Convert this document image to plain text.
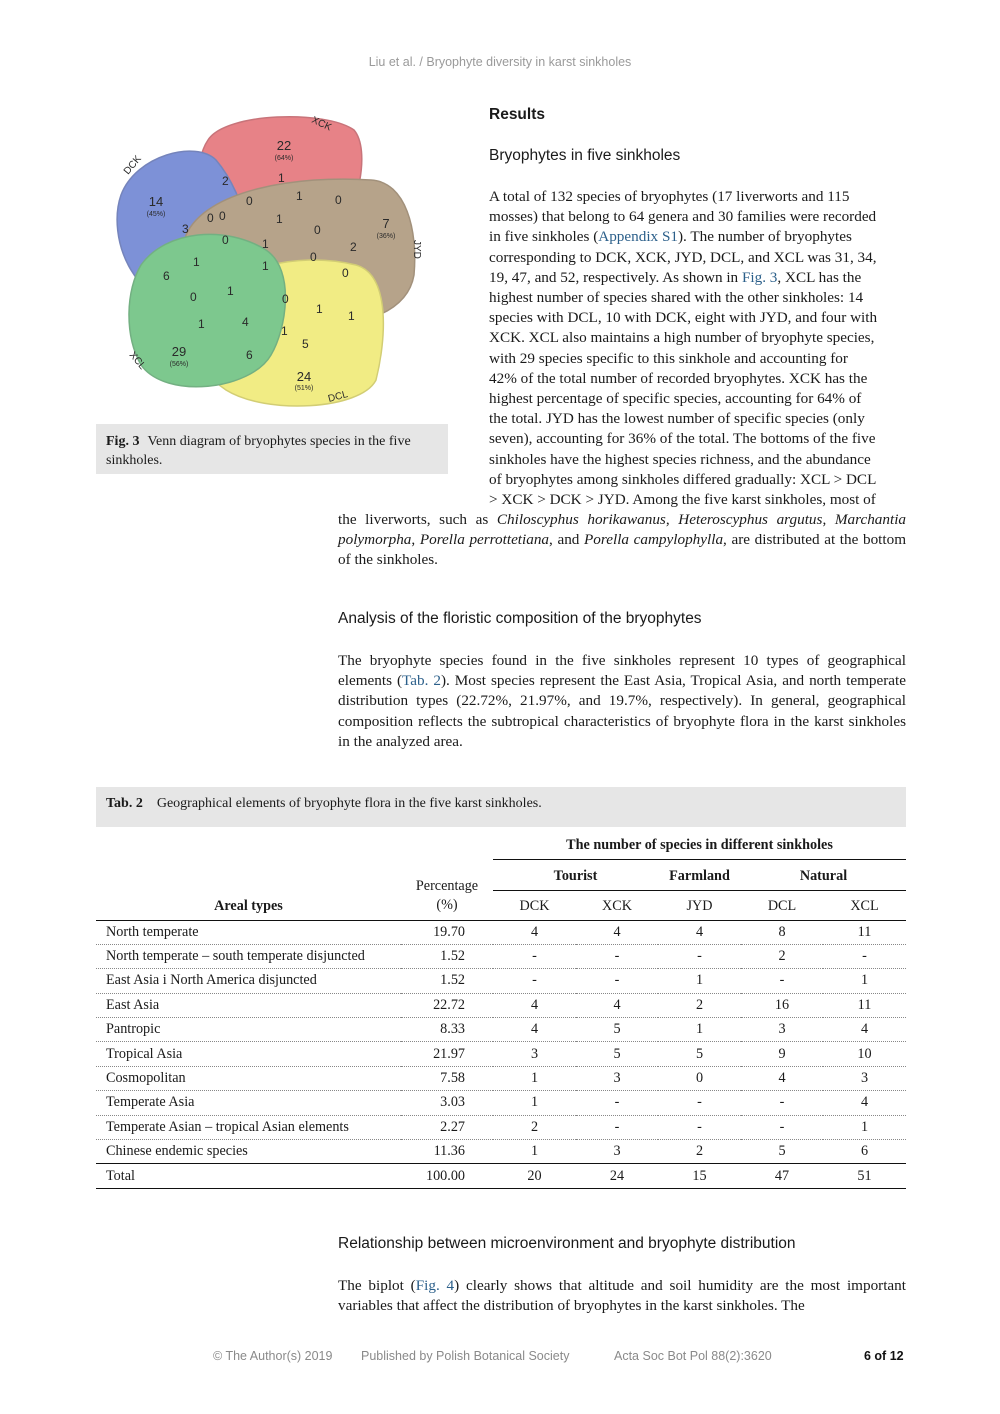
Liu et al. / Bryophyte diversity in karst sinkholes
DCK
XCK
JYD
DCL
XCL
22
(64%)
14
(45%)
7
(36%)
24
(51%)
29
(56%)
2	1
0	1	0
3
0	1
0
2
0
1	1
0
6	0
1
0	0
1 1
1	4
1
5
6
0
1
Fig. 3 Venn diagram of bryophytes species in the five sinkholes.
Results
Bryophytes in five sinkholes
A total of 132 species of bryophytes (17 liverworts and 115
mosses) that belong to 64 genera and 30 families were recorded
in five sinkholes (Appendix S1). The number of bryophytes
corresponding to DCK, XCK, JYD, DCL, and XCL was 31, 34,
19, 47, and 52, respectively. As shown in Fig. 3, XCL has the
highest number of species shared with the other sinkholes: 14
species with DCL, 10 with DCK, eight with JYD, and four with
XCK. XCL also maintains a high number of bryophyte species,
with 29 species specific to this sinkhole and accounting for
42% of the total number of recorded bryophytes. XCK has the
highest percentage of specific species, accounting for 64% of
the total. JYD has the lowest number of specific species (only
seven), accounting for 36% of the total. The bottoms of the five
sinkholes have the highest species richness, and the abundance
of bryophytes among sinkholes differed gradually: XCL > DCL
> XCK > DCK > JYD. Among the five karst sinkholes, most of
the liverworts, such as Chiloscyphus horikawanus, Heteroscyphus argutus, Marchantia polymorpha, Porella perrottetiana, and Porella campylophylla, are distributed at the bottom of the sinkholes.
Analysis of the floristic composition of the bryophytes
The bryophyte species found in the five sinkholes represent 10 types of geographical elements (Tab. 2). Most species represent the East Asia, Tropical Asia, and north temperate distribution types (22.72%, 21.97%, and 19.7%, respectively). In general, geographical composition reflects the subtropical characteristics of bryophyte flora in the karst sinkholes in the analyzed area.
Tab. 2 Geographical elements of bryophyte flora in the five karst sinkholes.
		The number of species in different sinkholes				
		Tourist		Farmland	Natural	
Areal types	Percentage
(%)	DCK	XCK	JYD	DCL	XCL
North temperate	19.70	4	4	4	8	11
North temperate – south temperate disjuncted	1.52	-	-	-	2	-
East Asia i North America disjuncted	1.52	-	-	1	-	1
East Asia	22.72	4	4	2	16	11
Pantropic	8.33	4	5	1	3	4
Tropical Asia	21.97	3	5	5	9	10
Cosmopolitan	7.58	1	3	0	4	3
Temperate Asia	3.03	1	-	-	-	4
Temperate Asian – tropical Asian elements	2.27	2	-	-	-	1
Chinese endemic species	11.36	1	3	2	5	6
Total	100.00	20	24	15	47	51
Relationship between microenvironment and bryophyte distribution
The biplot (Fig. 4) clearly shows that altitude and soil humidity are the most important variables that affect the distribution of bryophytes in the karst sinkholes. The
© The Author(s) 2019 Published by Polish Botanical Society	Acta Soc Bot Pol 88(2):3620	6 of 12
